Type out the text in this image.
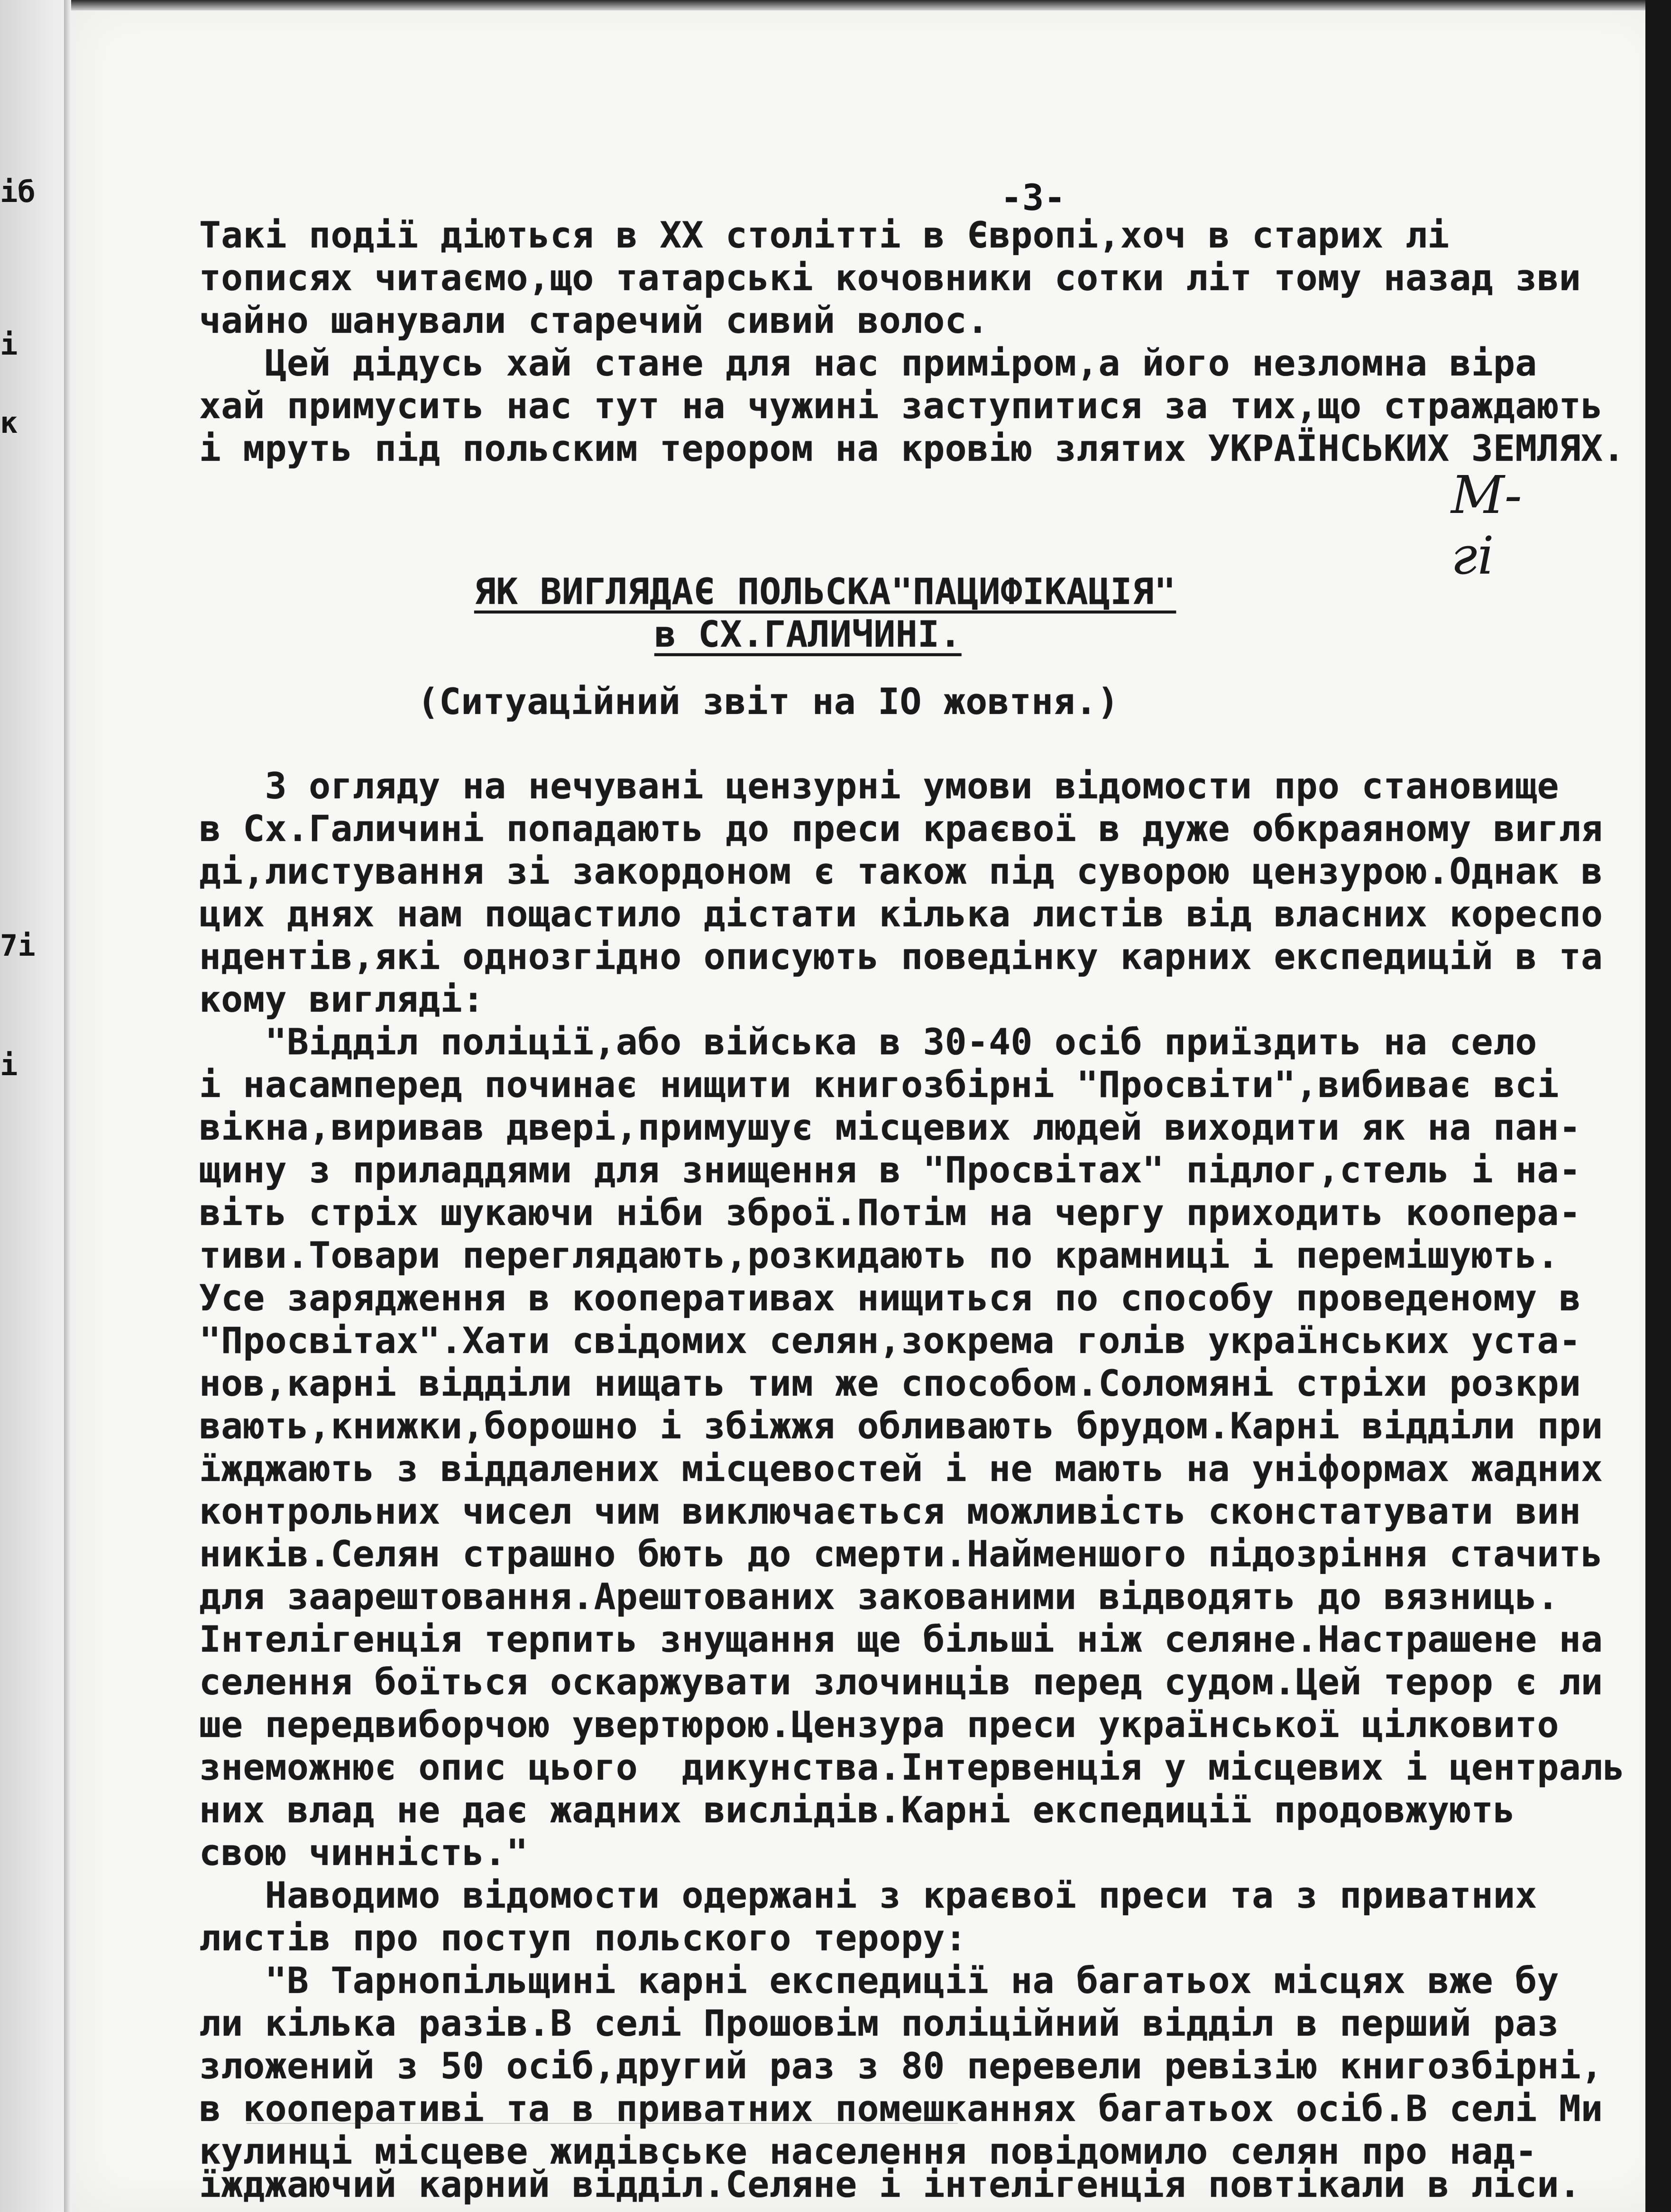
іб
і
к
7і
і
-3-
Такі події діються в XX столітті в Європі,хоч в старих лі
тописях читаємо,що татарські кочовники сотки літ тому назад зви
чайно шанували старечий сивий волос.
Цей дідусь хай стане для нас приміром,а його незломна віра
хай примусить нас тут на чужині заступитися за тих,що страждають
і мруть під польским терором на кровію злятих УКРАЇНСЬКИХ ЗЕМЛЯХ.
М-гі
ЯК ВИГЛЯДАЄ ПОЛЬСКА"ПАЦИФІКАЦІЯ"
в СХ.ГАЛИЧИНІ.
(Ситуаційний звіт на ІО жовтня.)
З огляду на нечувані цензурні умови відомости про становище
в Сх.Галичині попадають до преси краєвої в дуже обкраяному вигля
ді,листування зі закордоном є також під суворою цензурою.Однак в
цих днях нам пощастило дістати кілька листів від власних кореспо
ндентів,які однозгідно описують поведінку карних експедицій в та
кому вигляді:
"Відділ поліції,або війська в 30-40 осіб приїздить на село
і насамперед починає нищити книгозбірні "Просвіти",вибиває всі
вікна,виривав двері,примушує місцевих людей виходити як на пан-
щину з приладдями для знищення в "Просвітах" підлог,стель і на-
віть стріх шукаючи ніби зброї.Потім на чергу приходить коопера-
тиви.Товари переглядають,розкидають по крамниці і перемішують.
Усе зарядження в кооперативах нищиться по способу проведеному в
"Просвітах".Хати свідомих селян,зокрема голів українських уста-
нов,карні відділи нищать тим же способом.Соломяні стріхи розкри
вають,книжки,борошно і збіжжя обливають брудом.Карні відділи при
їжджають з віддалених місцевостей і не мають на уніформах жадних
контрольних чисел чим виключається можливість сконстатувати вин
ників.Селян страшно бють до смерти.Найменшого підозріння стачить
для заарештовання.Арештованих закованими відводять до вязниць.
Інтелігенція терпить знущання ще більші ніж селяне.Настрашене на
селення боїться оскаржувати злочинців перед судом.Цей терор є ли
ше передвиборчою увертюрою.Цензура преси української цілковито
знеможнює опис цього  дикунства.Інтервенція у місцевих і централь
них влад не дає жадних вислідів.Карні експедиції продовжують
свою чинність."
Наводимо відомости одержані з краєвої преси та з приватних
листів про поступ польского терору:
"В Тарнопільщині карні експедиції на багатьох місцях вже бу
ли кілька разів.В селі Прошовім поліційний відділ в перший раз
зложений з 50 осіб,другий раз з 80 перевели ревізію книгозбірні,
в кооперативі та в приватних помешканнях багатьох осіб.В селі Ми
кулинці місцеве жидівське населення повідомило селян про над-
їжджаючий карний відділ.Селяне і інтелігенція повтікали в ліси.
